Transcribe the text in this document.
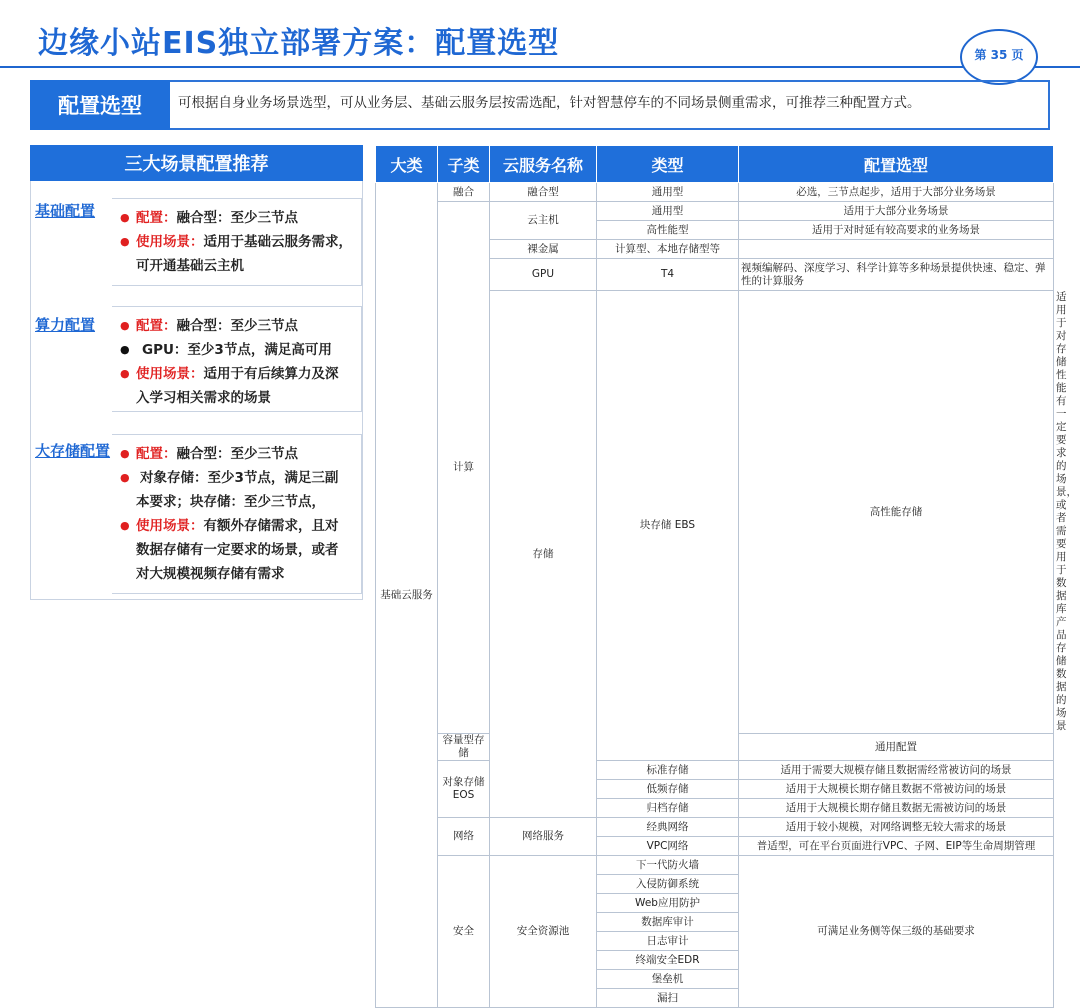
边缘小站EIS独立部署方案：配置选型	第 35 页
配置选型	可根据自身业务场景选型，可从业务层、基础云服务层按需选配，针对智慧停车的不同场景侧重需求，可推荐三种配置方式。
三大场景配置推荐
基础配置 ● 配置：融合型：至少三节点
● 使用场景：适用于基础云服务需求，
可开通基础云主机
算力配置 ● 配置：融合型：至少三节点
● GPU：至少3节点，满足高可用
● 使用场景：适用于有后续算力及深
入学习相关需求的场景
大存储配置 ● 配置：融合型：至少三节点
● 对象存储：至少3节点，满足三副
本要求；块存储：至少三节点，
● 使用场景：有额外存储需求，且对
数据存储有一定要求的场景，或者
对大规模视频存储有需求
大类	子类	云服务名称	类型	配置选型	
基础云服务	融合	融合型	通用型	必选，三节点起步，适用于大部分业务场景	
	计算	云主机	通用型	适用于大部分业务场景	
			高性能型	适用于对时延有较高要求的业务场景	
		裸金属	计算型、本地存储型等		
		GPU	T4	视频编解码、深度学习、科学计算等多种场景提供快速、稳定、弹性的计算服务	
		存储	块存储 EBS	高性能存储	适用于对存储性能有一定要求的场景，或者需要用于数据库产品存储数据的场景
	容量型存储			通用配置	
	对象存储 EOS		标准存储	适用于需要大规模存储且数据需经常被访问的场景	
			低频存储	适用于大规模长期存储且数据不常被访问的场景	
			归档存储	适用于大规模长期存储且数据无需被访问的场景	
	网络	网络服务	经典网络	适用于较小规模，对网络调整无较大需求的场景	
			VPC网络	普适型，可在平台页面进行VPC、子网、EIP等生命周期管理	
	安全	安全资源池	下一代防火墙	可满足业务侧等保三级的基础要求	
			入侵防御系统		
			Web应用防护		
			数据库审计		
			日志审计		
			终端安全EDR		
			堡垒机		
			漏扫		
